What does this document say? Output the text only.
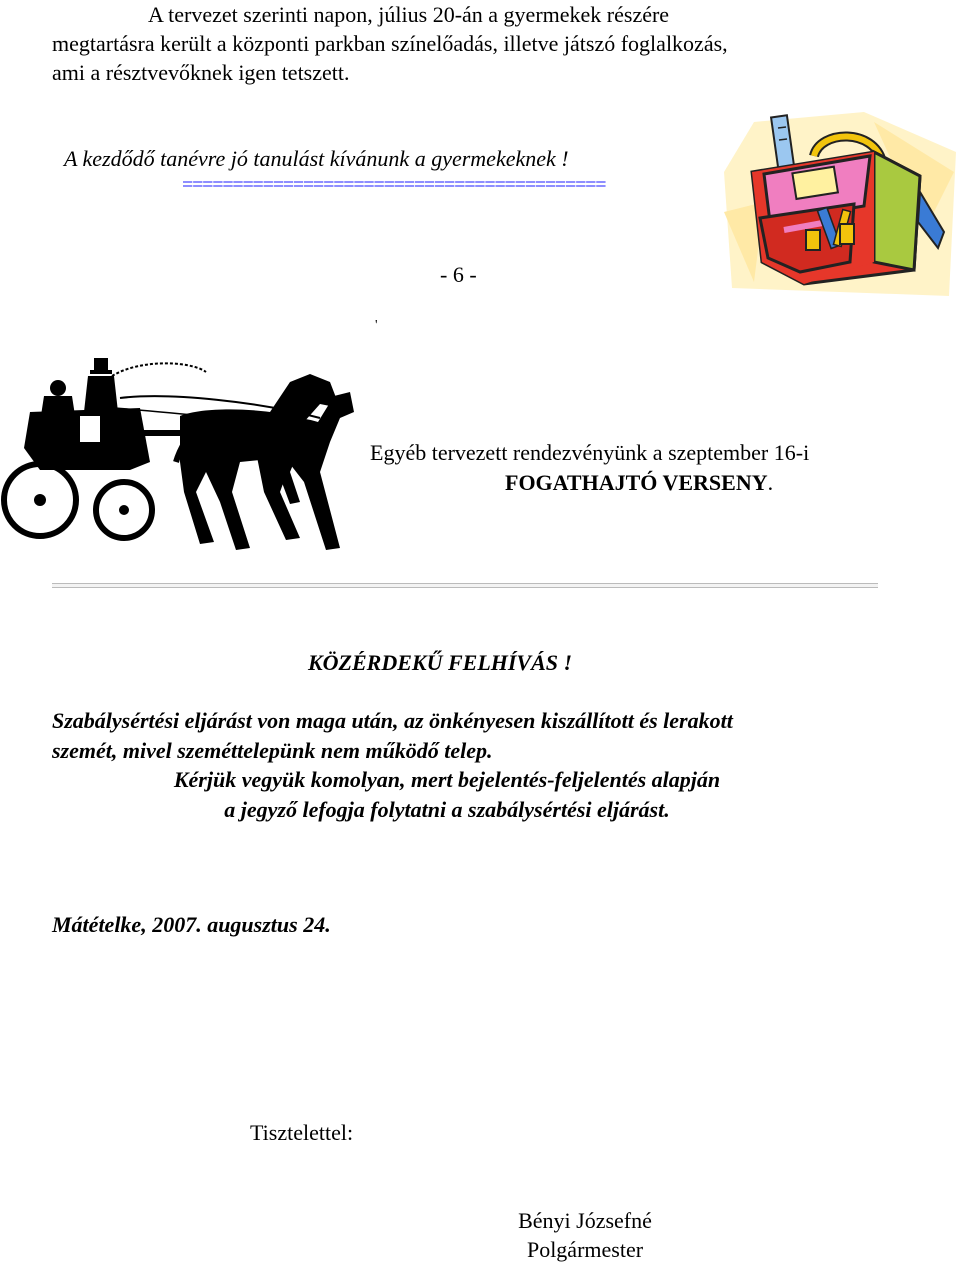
A tervezet szerinti napon, július 20-án a gyermekek részére
megtartásra került a központi parkban színelőadás, illetve játszó foglalkozás,
ami a résztvevőknek igen tetszett.
A kezdődő tanévre jó tanulást kívánunk a gyermekeknek !
==========================================
- 6 -
'
Egyéb tervezett rendezvényünk a szeptember 16-i
FOGATHAJTÓ VERSENY.
KÖZÉRDEKŰ FELHÍVÁS !
Szabálysértési eljárást von maga után, az önkényesen kiszállított és lerakott
szemét, mivel szeméttelepünk nem működő telep.
Kérjük vegyük komolyan, mert bejelentés-feljelentés alapján
a jegyző lefogja folytatni a szabálysértési eljárást.
Mátételke, 2007. augusztus 24.
Tisztelettel:
Bényi Józsefné
Polgármester
